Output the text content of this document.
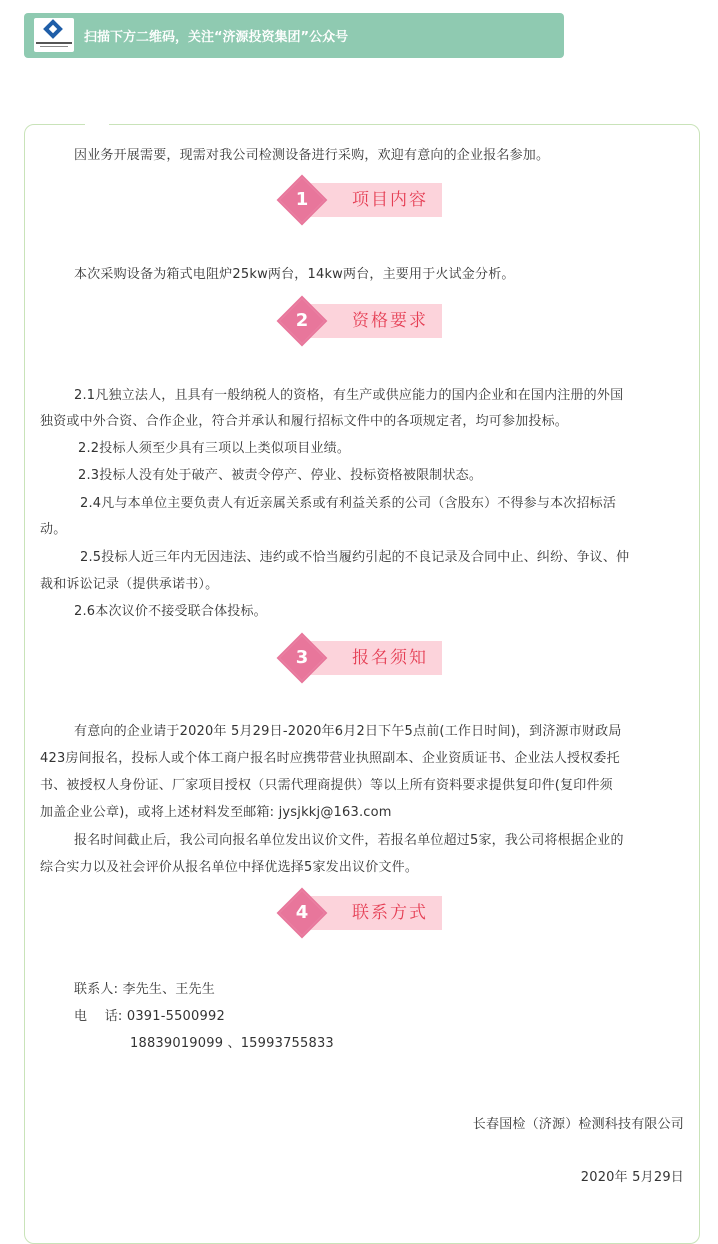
扫描下方二维码，关注“济源投资集团”公众号
因业务开展需要，现需对我公司检测设备进行采购，欢迎有意向的企业报名参加。
1	项目内容
本次采购设备为箱式电阻炉25kw两台，14kw两台，主要用于火试金分析。
2	资格要求
2.1凡独立法人，且具有一般纳税人的资格，有生产或供应能力的国内企业和在国内注册的外国
独资或中外合资、合作企业，符合并承认和履行招标文件中的各项规定者，均可参加投标。
2.2投标人须至少具有三项以上类似项目业绩。
2.3投标人没有处于破产、被责令停产、停业、投标资格被限制状态。
2.4凡与本单位主要负责人有近亲属关系或有利益关系的公司（含股东）不得参与本次招标活
动。
2.5投标人近三年内无因违法、违约或不恰当履约引起的不良记录及合同中止、纠纷、争议、仲
裁和诉讼记录（提供承诺书）。
2.6本次议价不接受联合体投标。
3	报名须知
有意向的企业请于2020年 5月29日-2020年6月2日下午5点前(工作日时间)，到济源市财政局
423房间报名，投标人或个体工商户报名时应携带营业执照副本、企业资质证书、企业法人授权委托
书、被授权人身份证、厂家项目授权（只需代理商提供）等以上所有资料要求提供复印件(复印件须
加盖企业公章)，或将上述材料发至邮箱: jysjkkj@163.com
报名时间截止后，我公司向报名单位发出议价文件，若报名单位超过5家，我公司将根据企业的
综合实力以及社会评价从报名单位中择优选择5家发出议价文件。
4	联系方式
联系人: 李先生、王先生
电　 话: 0391-5500992
18839019099 、15993755833
长春国检（济源）检测科技有限公司
2020年 5月29日
